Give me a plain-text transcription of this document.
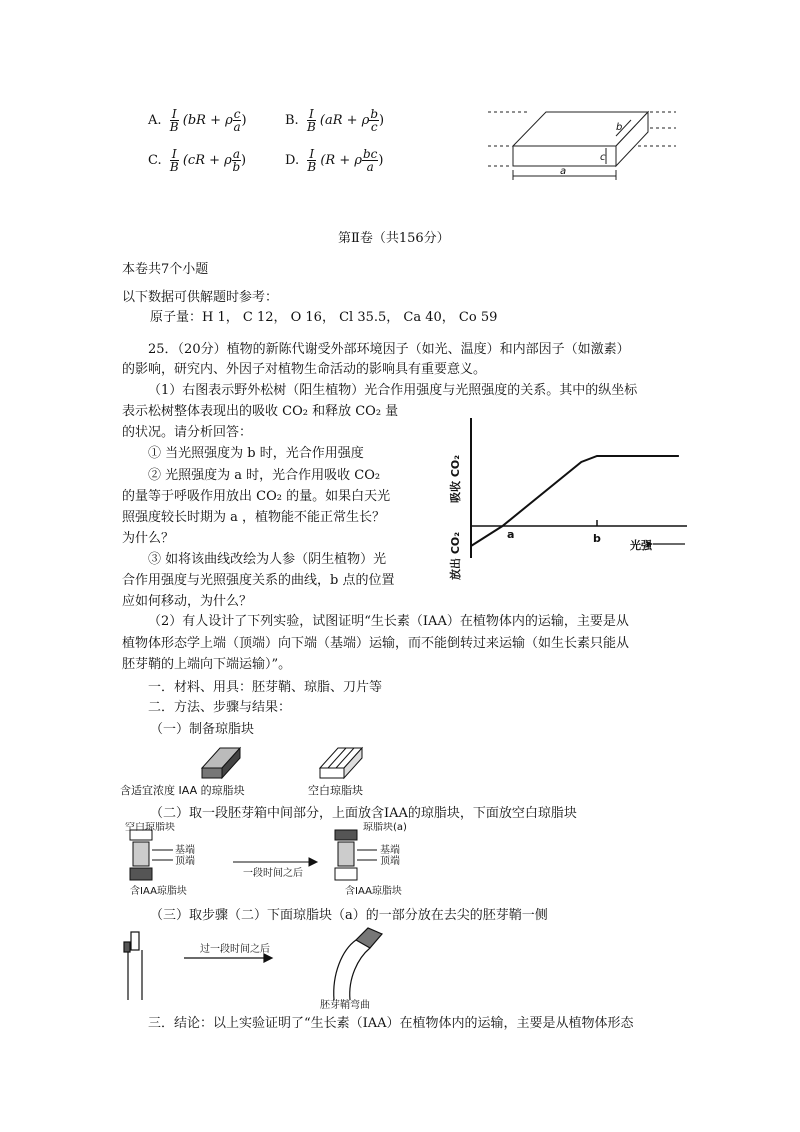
A. $\frac{I}{B} (bR + \rho \frac{c}{a}$ )	B. $\frac{I}{B} (aR + \rho \frac{b}{c}$ )
C. $\frac{I}{B} (cR + \rho \frac{a}{b}$ )	D. $\frac{I}{B} (R + \rho \frac{bc}{a}$ )
a
b
c
第Ⅱ卷（共156分）
本卷共7个小题
以下数据可供解题时参考：
原子量：H 1， C 12， O 16， Cl 35.5， Ca 40， Co 59
25．（20分）植物的新陈代谢受外部环境因子（如光、温度）和内部因子（如激素）
的影响，研究内、外因子对植物生命活动的影响具有重要意义。
（1）右图表示野外松树（阳生植物）光合作用强度与光照强度的关系。其中的纵坐标
表示松树整体表现出的吸收 CO₂ 和释放 CO₂ 量
的状况。请分析回答：
① 当光照强度为 b 时，光合作用强度
② 光照强度为 a 时，光合作用吸收 CO₂
的量等于呼吸作用放出 CO₂ 的量。如果白天光
照强度较长时期为 a ，植物能不能正常生长？
为什么？
③ 如将该曲线改绘为人参（阴生植物）光
合作用强度与光照强度关系的曲线，b 点的位置
应如何移动，为什么？
吸收 CO₂
放出 CO₂	a	b
光强
（2）有人设计了下列实验，试图证明“生长素（IAA）在植物体内的运输，主要是从
植物体形态学上端（顶端）向下端（基端）运输，而不能倒转过来运输（如生长素只能从
胚芽鞘的上端向下端运输）”。
一．材料、用具：胚芽鞘、琼脂、刀片等
二．方法、步骤与结果：
（一）制备琼脂块
含适宜浓度 IAA 的琼脂块	空白琼脂块
（二）取一段胚芽箱中间部分，上面放含IAA的琼脂块，下面放空白琼脂块
空白琼脂块
基端
顶端
含IAA琼脂块
一段时间之后
琼脂块(a)
基端
顶端
含IAA琼脂块
（三）取步骤（二）下面琼脂块（a）的一部分放在去尖的胚芽鞘一侧
过一段时间之后
胚芽鞘弯曲
三．结论：以上实验证明了“生长素（IAA）在植物体内的运输，主要是从植物体形态
